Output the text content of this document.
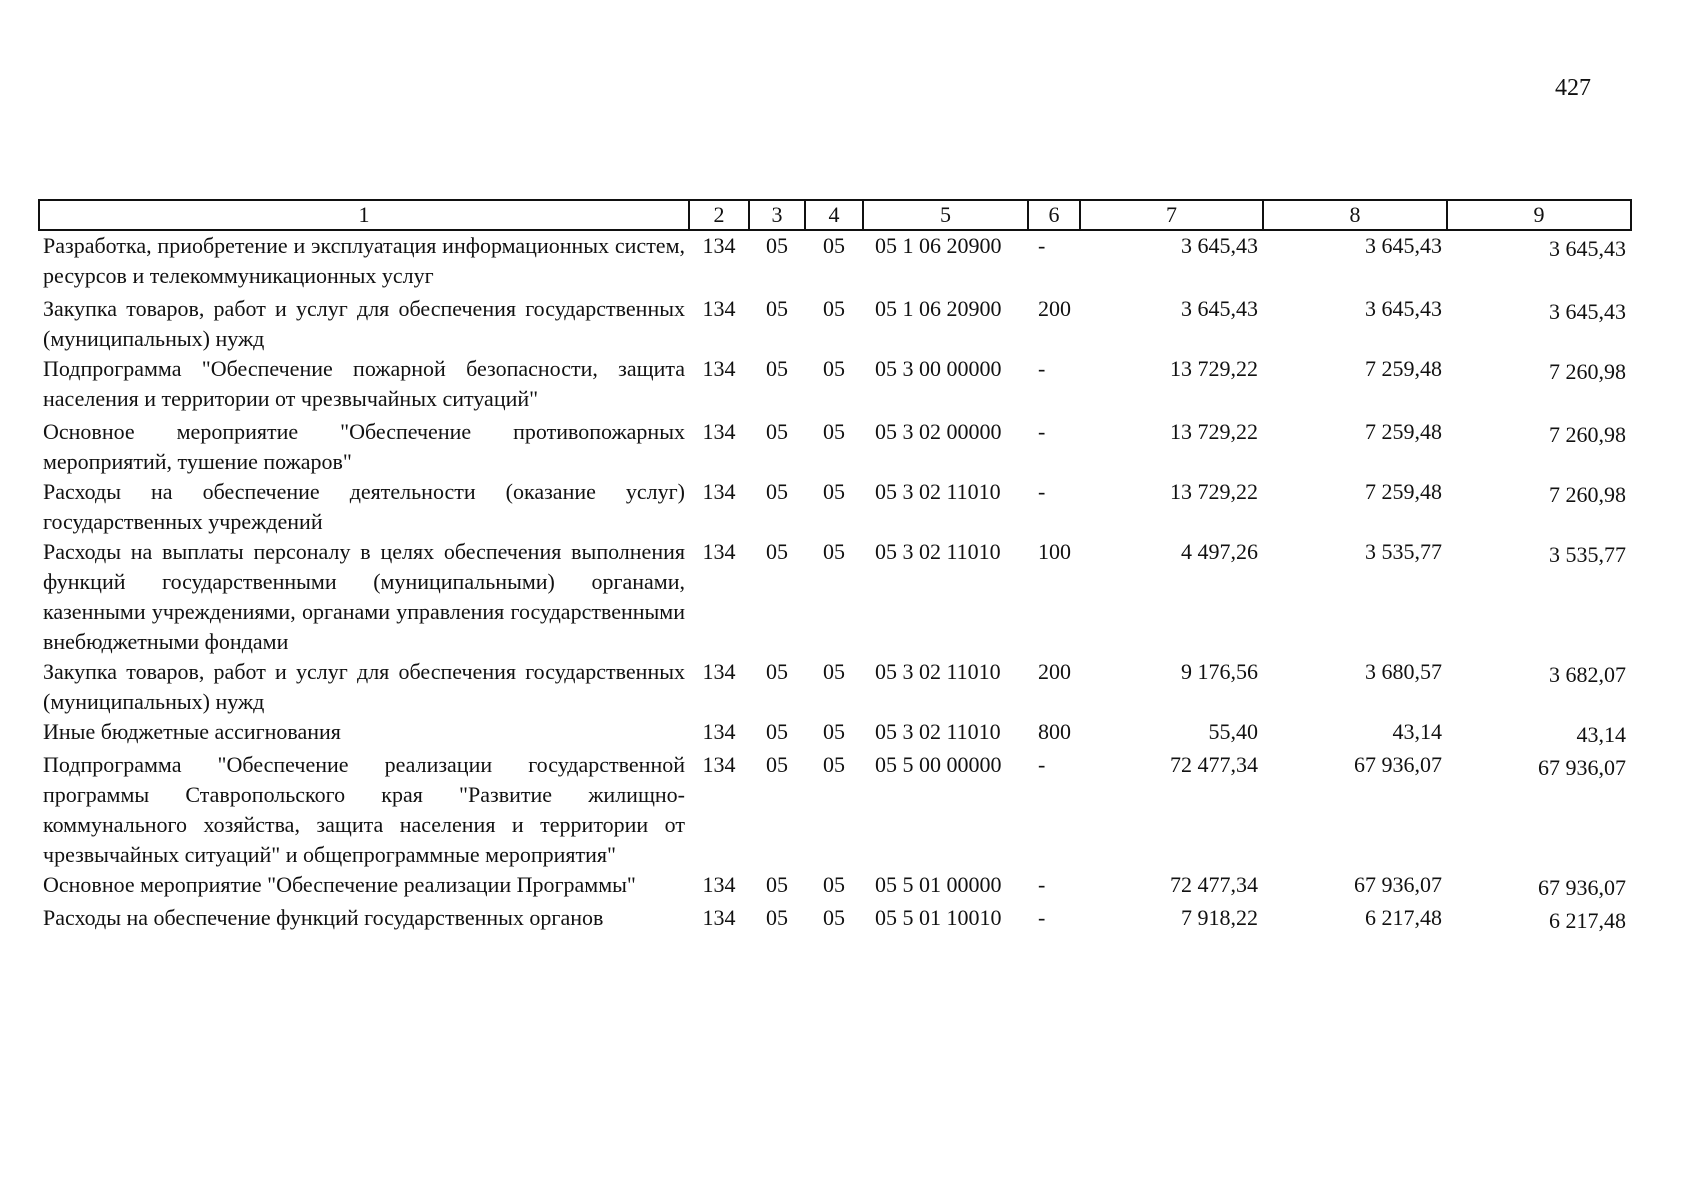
427
1	2	3	4	5	6	7	8	9
Разработка, приобретение и эксплуатация информационных систем, ресурсов и телекоммуникационных услуг	134	05	05	05 1 06 20900	-	3 645,43	3 645,43	3 645,43
Закупка товаров, работ и услуг для обеспечения государственных (муниципальных) нужд	134	05	05	05 1 06 20900	200	3 645,43	3 645,43	3 645,43
Подпрограмма "Обеспечение пожарной безопасности, защита населения и территории от чрезвычайных ситуаций"	134	05	05	05 3 00 00000	-	13 729,22	7 259,48	7 260,98
Основное мероприятие "Обеспечение противопожарных мероприятий, тушение пожаров"	134	05	05	05 3 02 00000	-	13 729,22	7 259,48	7 260,98
Расходы на обеспечение деятельности (оказание услуг) государственных учреждений	134	05	05	05 3 02 11010	-	13 729,22	7 259,48	7 260,98
Расходы на выплаты персоналу в целях обеспечения выполнения функций государственными (муниципальными) органами, казенными учреждениями, органами управления государственными внебюджетными фондами	134	05	05	05 3 02 11010	100	4 497,26	3 535,77	3 535,77
Закупка товаров, работ и услуг для обеспечения государственных (муниципальных) нужд	134	05	05	05 3 02 11010	200	9 176,56	3 680,57	3 682,07
Иные бюджетные ассигнования	134	05	05	05 3 02 11010	800	55,40	43,14	43,14
Подпрограмма "Обеспечение реализации государственной программы Ставропольского края "Развитие жилищно-коммунального хозяйства, защита населения и территории от чрезвычайных ситуаций" и общепрограммные мероприятия"	134	05	05	05 5 00 00000	-	72 477,34	67 936,07	67 936,07
Основное мероприятие "Обеспечение реализации Программы"	134	05	05	05 5 01 00000	-	72 477,34	67 936,07	67 936,07
Расходы на обеспечение функций государственных органов	134	05	05	05 5 01 10010	-	7 918,22	6 217,48	6 217,48
